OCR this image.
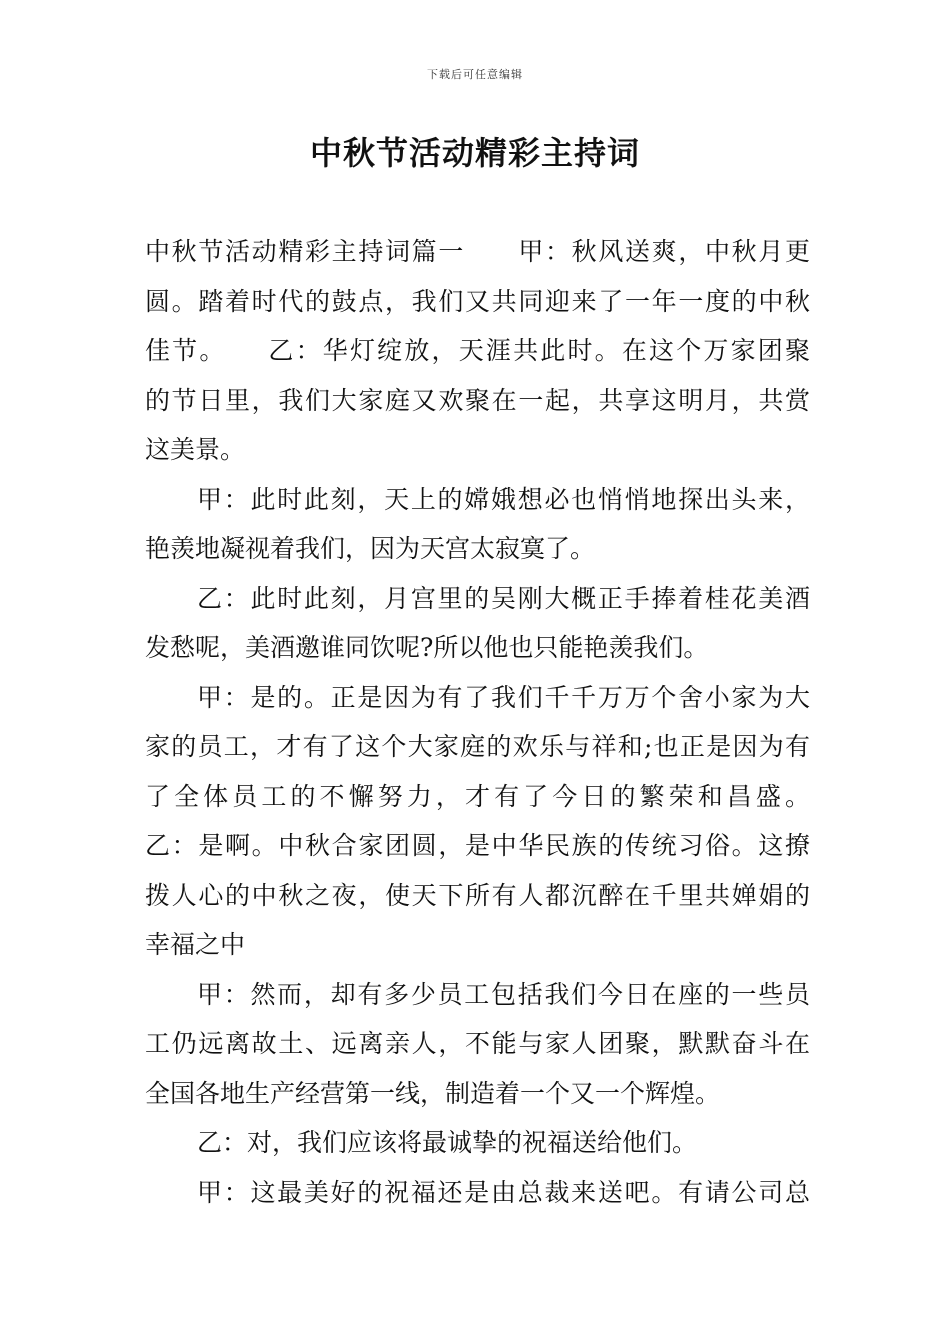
下载后可任意编辑
中秋节活动精彩主持词
中秋节活动精彩主持词篇一　　甲：秋风送爽，中秋月更
圆。踏着时代的鼓点，我们又共同迎来了一年一度的中秋
佳节。　　乙：华灯绽放，天涯共此时。在这个万家团聚
的节日里，我们大家庭又欢聚在一起，共享这明月，共赏
这美景。
甲：此时此刻，天上的嫦娥想必也悄悄地探出头来，
艳羡地凝视着我们，因为天宫太寂寞了。
乙：此时此刻，月宫里的吴刚大概正手捧着桂花美酒
发愁呢，美酒邀谁同饮呢?所以他也只能艳羡我们。
甲：是的。正是因为有了我们千千万万个舍小家为大
家的员工，才有了这个大家庭的欢乐与祥和;也正是因为有
了全体员工的不懈努力，才有了今日的繁荣和昌盛。
乙：是啊。中秋合家团圆，是中华民族的传统习俗。这撩
拨人心的中秋之夜，使天下所有人都沉醉在千里共婵娟的
幸福之中
甲：然而，却有多少员工包括我们今日在座的一些员
工仍远离故土、远离亲人，不能与家人团聚，默默奋斗在
全国各地生产经营第一线，制造着一个又一个辉煌。
乙：对，我们应该将最诚挚的祝福送给他们。
甲：这最美好的祝福还是由总裁来送吧。有请公司总
